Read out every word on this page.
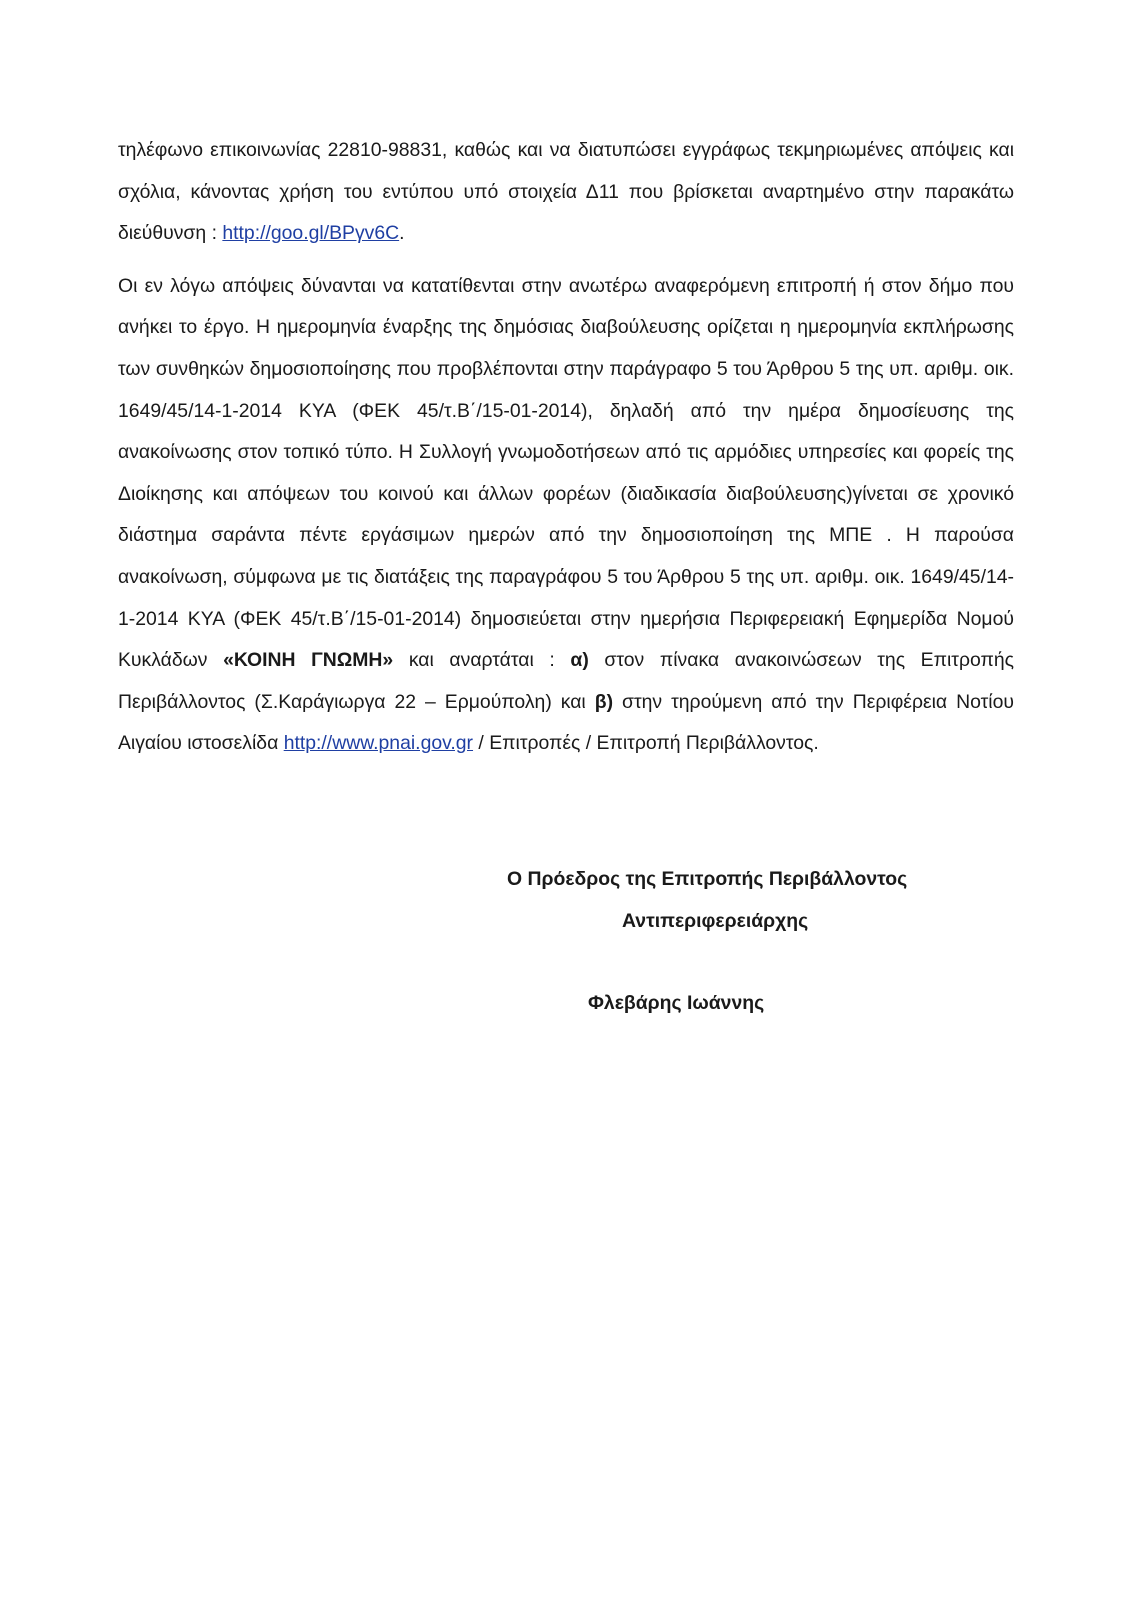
τηλέφωνο επικοινωνίας 22810-98831, καθώς και να διατυπώσει εγγράφως τεκμηριωμένες απόψεις και σχόλια, κάνοντας χρήση του εντύπου υπό στοιχεία Δ11 που βρίσκεται αναρτημένο στην παρακάτω διεύθυνση : http://goo.gl/BPγv6C.

Οι εν λόγω απόψεις δύνανται να κατατίθενται στην ανωτέρω αναφερόμενη επιτροπή ή στον δήμο που ανήκει το έργο. Η ημερομηνία έναρξης της δημόσιας διαβούλευσης ορίζεται η ημερομηνία εκπλήρωσης των συνθηκών δημοσιοποίησης που προβλέπονται στην παράγραφο 5 του Άρθρου 5 της υπ. αριθμ. οικ. 1649/45/14-1-2014 ΚΥΑ (ΦΕΚ 45/τ.Β΄/15-01-2014), δηλαδή από την ημέρα δημοσίευσης της ανακοίνωσης στον τοπικό τύπο. Η Συλλογή γνωμοδοτήσεων από τις αρμόδιες υπηρεσίες και φορείς της Διοίκησης και απόψεων του κοινού και άλλων φορέων (διαδικασία διαβούλευσης)γίνεται σε χρονικό διάστημα σαράντα πέντε εργάσιμων ημερών από την δημοσιοποίηση της ΜΠΕ . Η παρούσα ανακοίνωση, σύμφωνα με τις διατάξεις της παραγράφου 5 του Άρθρου 5 της υπ. αριθμ. οικ. 1649/45/14-1-2014 ΚΥΑ (ΦΕΚ 45/τ.Β΄/15-01-2014) δημοσιεύεται στην ημερήσια Περιφερειακή Εφημερίδα Νομού Κυκλάδων «ΚΟΙΝΗ ΓΝΩΜΗ» και αναρτάται : α) στον πίνακα ανακοινώσεων της Επιτροπής Περιβάλλοντος (Σ.Καράγιωργα 22 – Ερμούπολη) και β) στην τηρούμενη από την Περιφέρεια Νοτίου Αιγαίου ιστοσελίδα http://www.pnai.gov.gr / Επιτροπές / Επιτροπή Περιβάλλοντος.

Ο Πρόεδρος της Επιτροπής Περιβάλλοντος
Αντιπεριφερειάρχης
Φλεβάρης Ιωάννης
